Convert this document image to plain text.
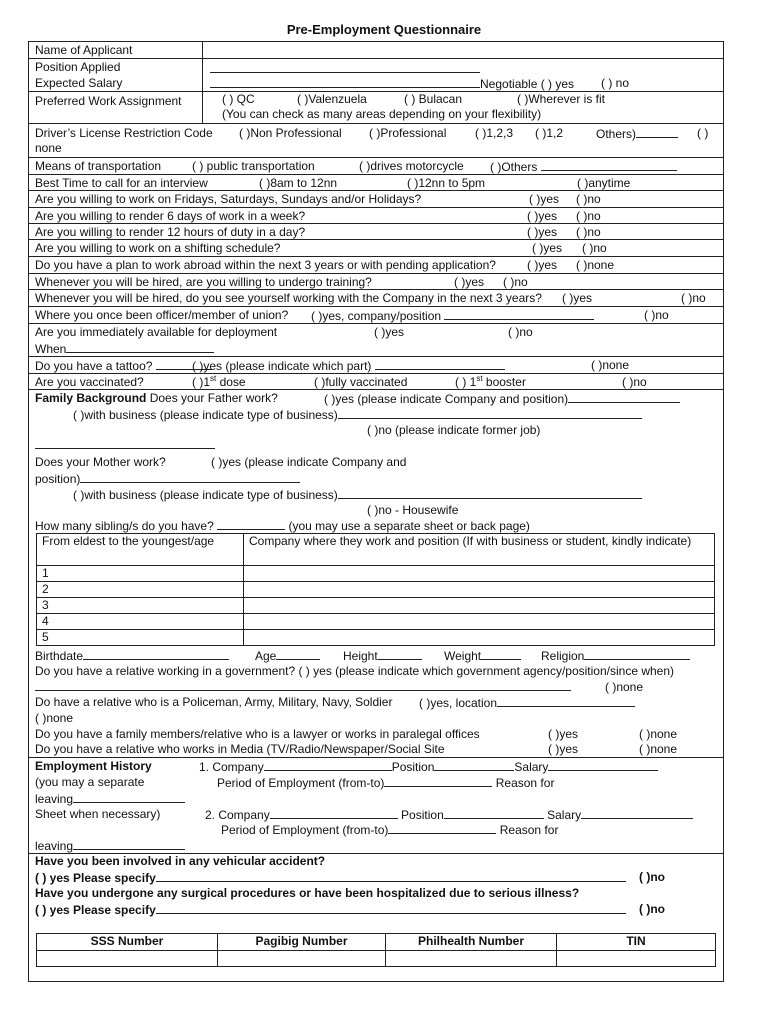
Pre-Employment Questionnaire
Name of Applicant
Position Applied
Expected Salary	Negotiable ( ) yes ( ) no
Preferred Work Assignment	( ) QC	( )Valenzuela	( ) Bulacan	( )Wherever is fit
(You can check as many areas depending on your flexibility)
Driver’s License Restriction Code ( )Non Professional ( )Professional ( )1,2,3 ( )1,2	Others)	( )
none
Means of transportation	( ) public transportation	( )drives motorcycle ( )Others
Best Time to call for an interview	( )8am to 12nn	( )12nn to 5pm	( )anytime
Are you willing to work on Fridays, Saturdays, Sundays and/or Holidays?	( )yes ( )no
Are you willing to render 6 days of work in a week?	( )yes ( )no
Are you willing to render 12 hours of duty in a day?	( )yes ( )no
Are you willing to work on a shifting schedule?	( )yes ( )no
Do you have a plan to work abroad within the next 3 years or with pending application?	( )yes ( )none
Whenever you will be hired, are you willing to undergo training?	( )yes ( )no
Whenever you will be hired, do you see yourself working with the Company in the next 3 years? ( )yes	( )no
Where you once been officer/member of union? ( )yes, company/position	( )no
Are you immediately available for deployment	( )yes	( )no
When
Do you have a tattoo?	( )yes (please indicate which part)	( )none
Are you vaccinated?	( )1st dose	( )fully vaccinated	( ) 1st booster	( )no
Family Background Does your Father work?	( )yes (please indicate Company and position)
( )with business (please indicate type of business)
( )no (please indicate former job)
Does your Mother work?	( )yes (please indicate Company and
position)
( )with business (please indicate type of business)
( )no - Housewife
How many sibling/s do you have?	(you may use a separate sheet or back page)
From eldest to the youngest/age	Company where they work and position (If with business or student, kindly indicate)
1	
2	
3	
4	
5	
Birthdate	Age	Height	Weight	Religion
Do you have a relative working in a government? ( ) yes (please indicate which government agency/position/since when)
( )none
Do have a relative who is a Policeman, Army, Military, Navy, Soldier ( )yes, location
( )none
Do you have a family members/relative who is a lawyer or works in paralegal offices	( )yes	( )none
Do you have a relative who works in Media (TV/Radio/Newspaper/Social Site	( )yes	( )none
Employment History
(you may a separate
leaving
Sheet when necessary)
1. Company	Position	Salary
Period of Employment (from-to)	Reason for
2. Company	Position	Salary
Period of Employment (from-to)	Reason for
leaving
Have you been involved in any vehicular accident?
( ) yes Please specify	( )no
Have you undergone any surgical procedures or have been hospitalized due to serious illness?
( ) yes Please specify	( )no
SSS Number	Pagibig Number	Philhealth Number	TIN
